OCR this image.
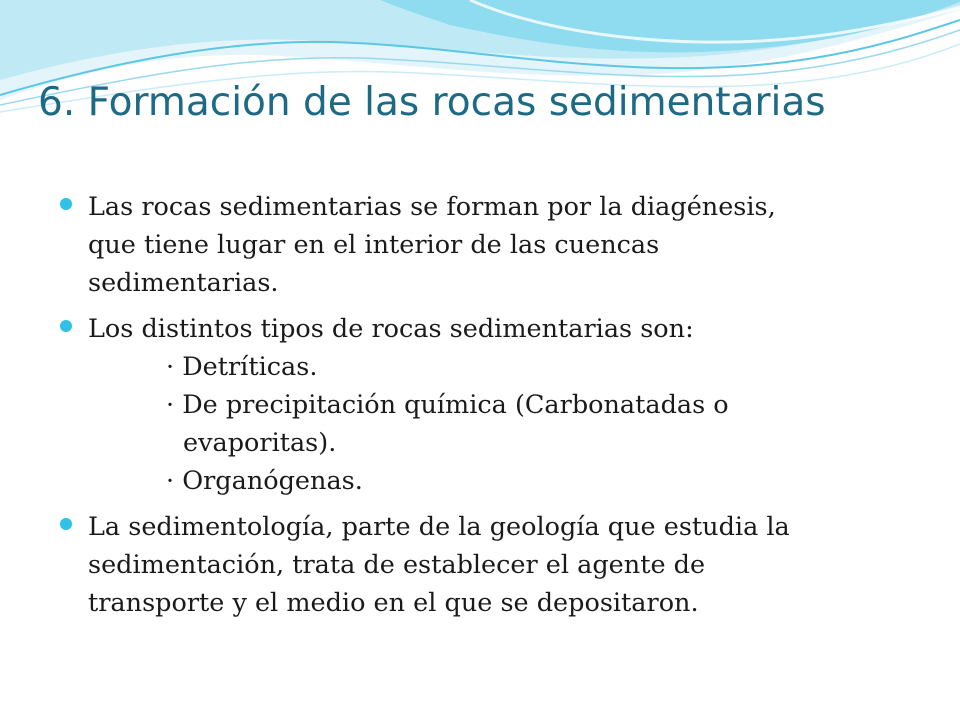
6. Formación de las rocas sedimentarias
Las rocas sedimentarias se forman por la diagénesis,
que tiene lugar en el interior de las cuencas
sedimentarias.
Los distintos tipos de rocas sedimentarias son:
· Detríticas.
· De precipitación química (Carbonatadas o
evaporitas).
· Organógenas.
La sedimentología, parte de la geología que estudia la
sedimentación, trata de establecer el agente de
transporte y el medio en el que se depositaron.
